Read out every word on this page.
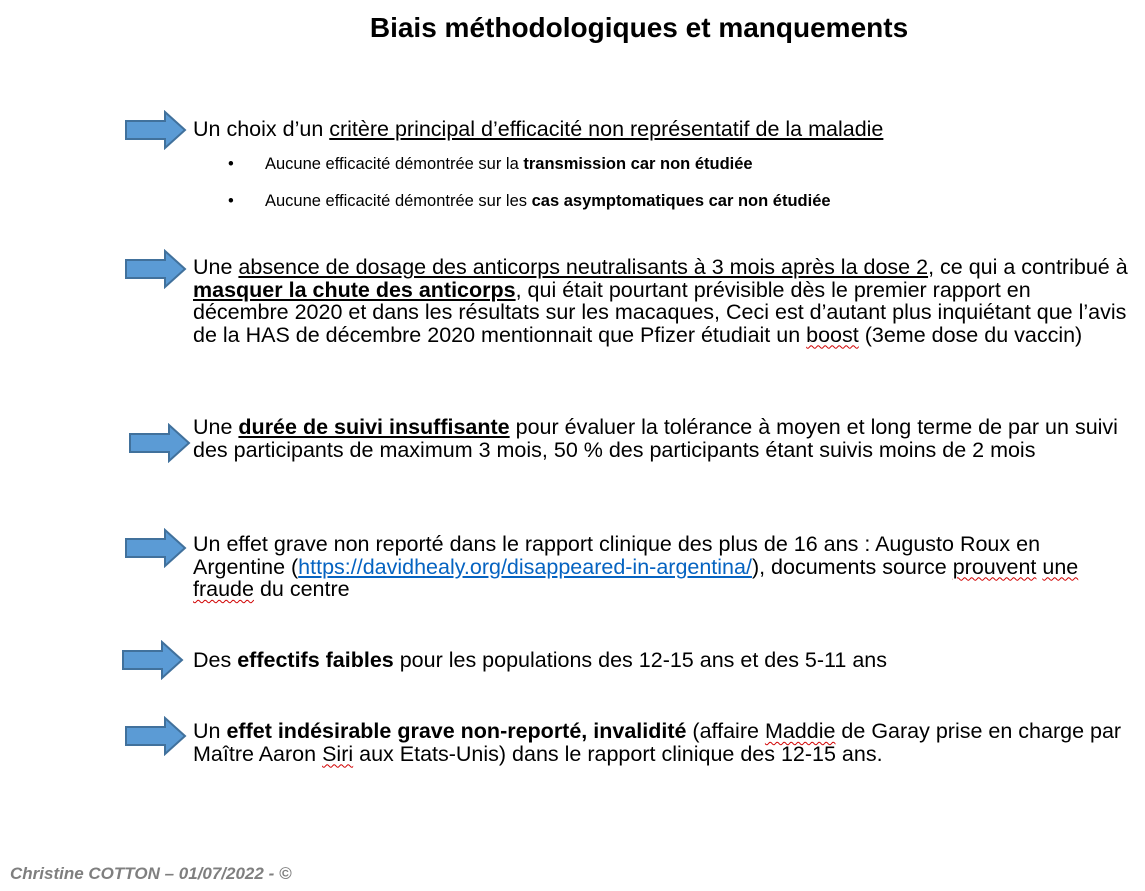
Biais méthodologiques et manquements
Un choix d’un critère principal d’efficacité non représentatif de la maladie
• Aucune efficacité démontrée sur la transmission car non étudiée
• Aucune efficacité démontrée sur les cas asymptomatiques car non étudiée
Une absence de dosage des anticorps neutralisants à 3 mois après la dose 2, ce qui a contribué à masquer la chute des anticorps, qui était pourtant prévisible dès le premier rapport en décembre 2020 et dans les résultats sur les macaques, Ceci est d’autant plus inquiétant que l’avis de la HAS de décembre 2020 mentionnait que Pfizer étudiait un boost (3eme dose du vaccin)
Une durée de suivi insuffisante pour évaluer la tolérance à moyen et long terme de par un suivi des participants de maximum 3 mois, 50 % des participants étant suivis moins de 2 mois
Un effet grave non reporté dans le rapport clinique des plus de 16 ans : Augusto Roux en Argentine (https://davidhealy.org/disappeared-in-argentina/), documents source prouvent une fraude du centre
Des effectifs faibles pour les populations des 12-15 ans et des 5-11 ans
Un effet indésirable grave non-reporté, invalidité (affaire Maddie de Garay prise en charge par Maître Aaron Siri aux Etats-Unis) dans le rapport clinique des 12-15 ans.
Christine COTTON – 01/07/2022 - ©
